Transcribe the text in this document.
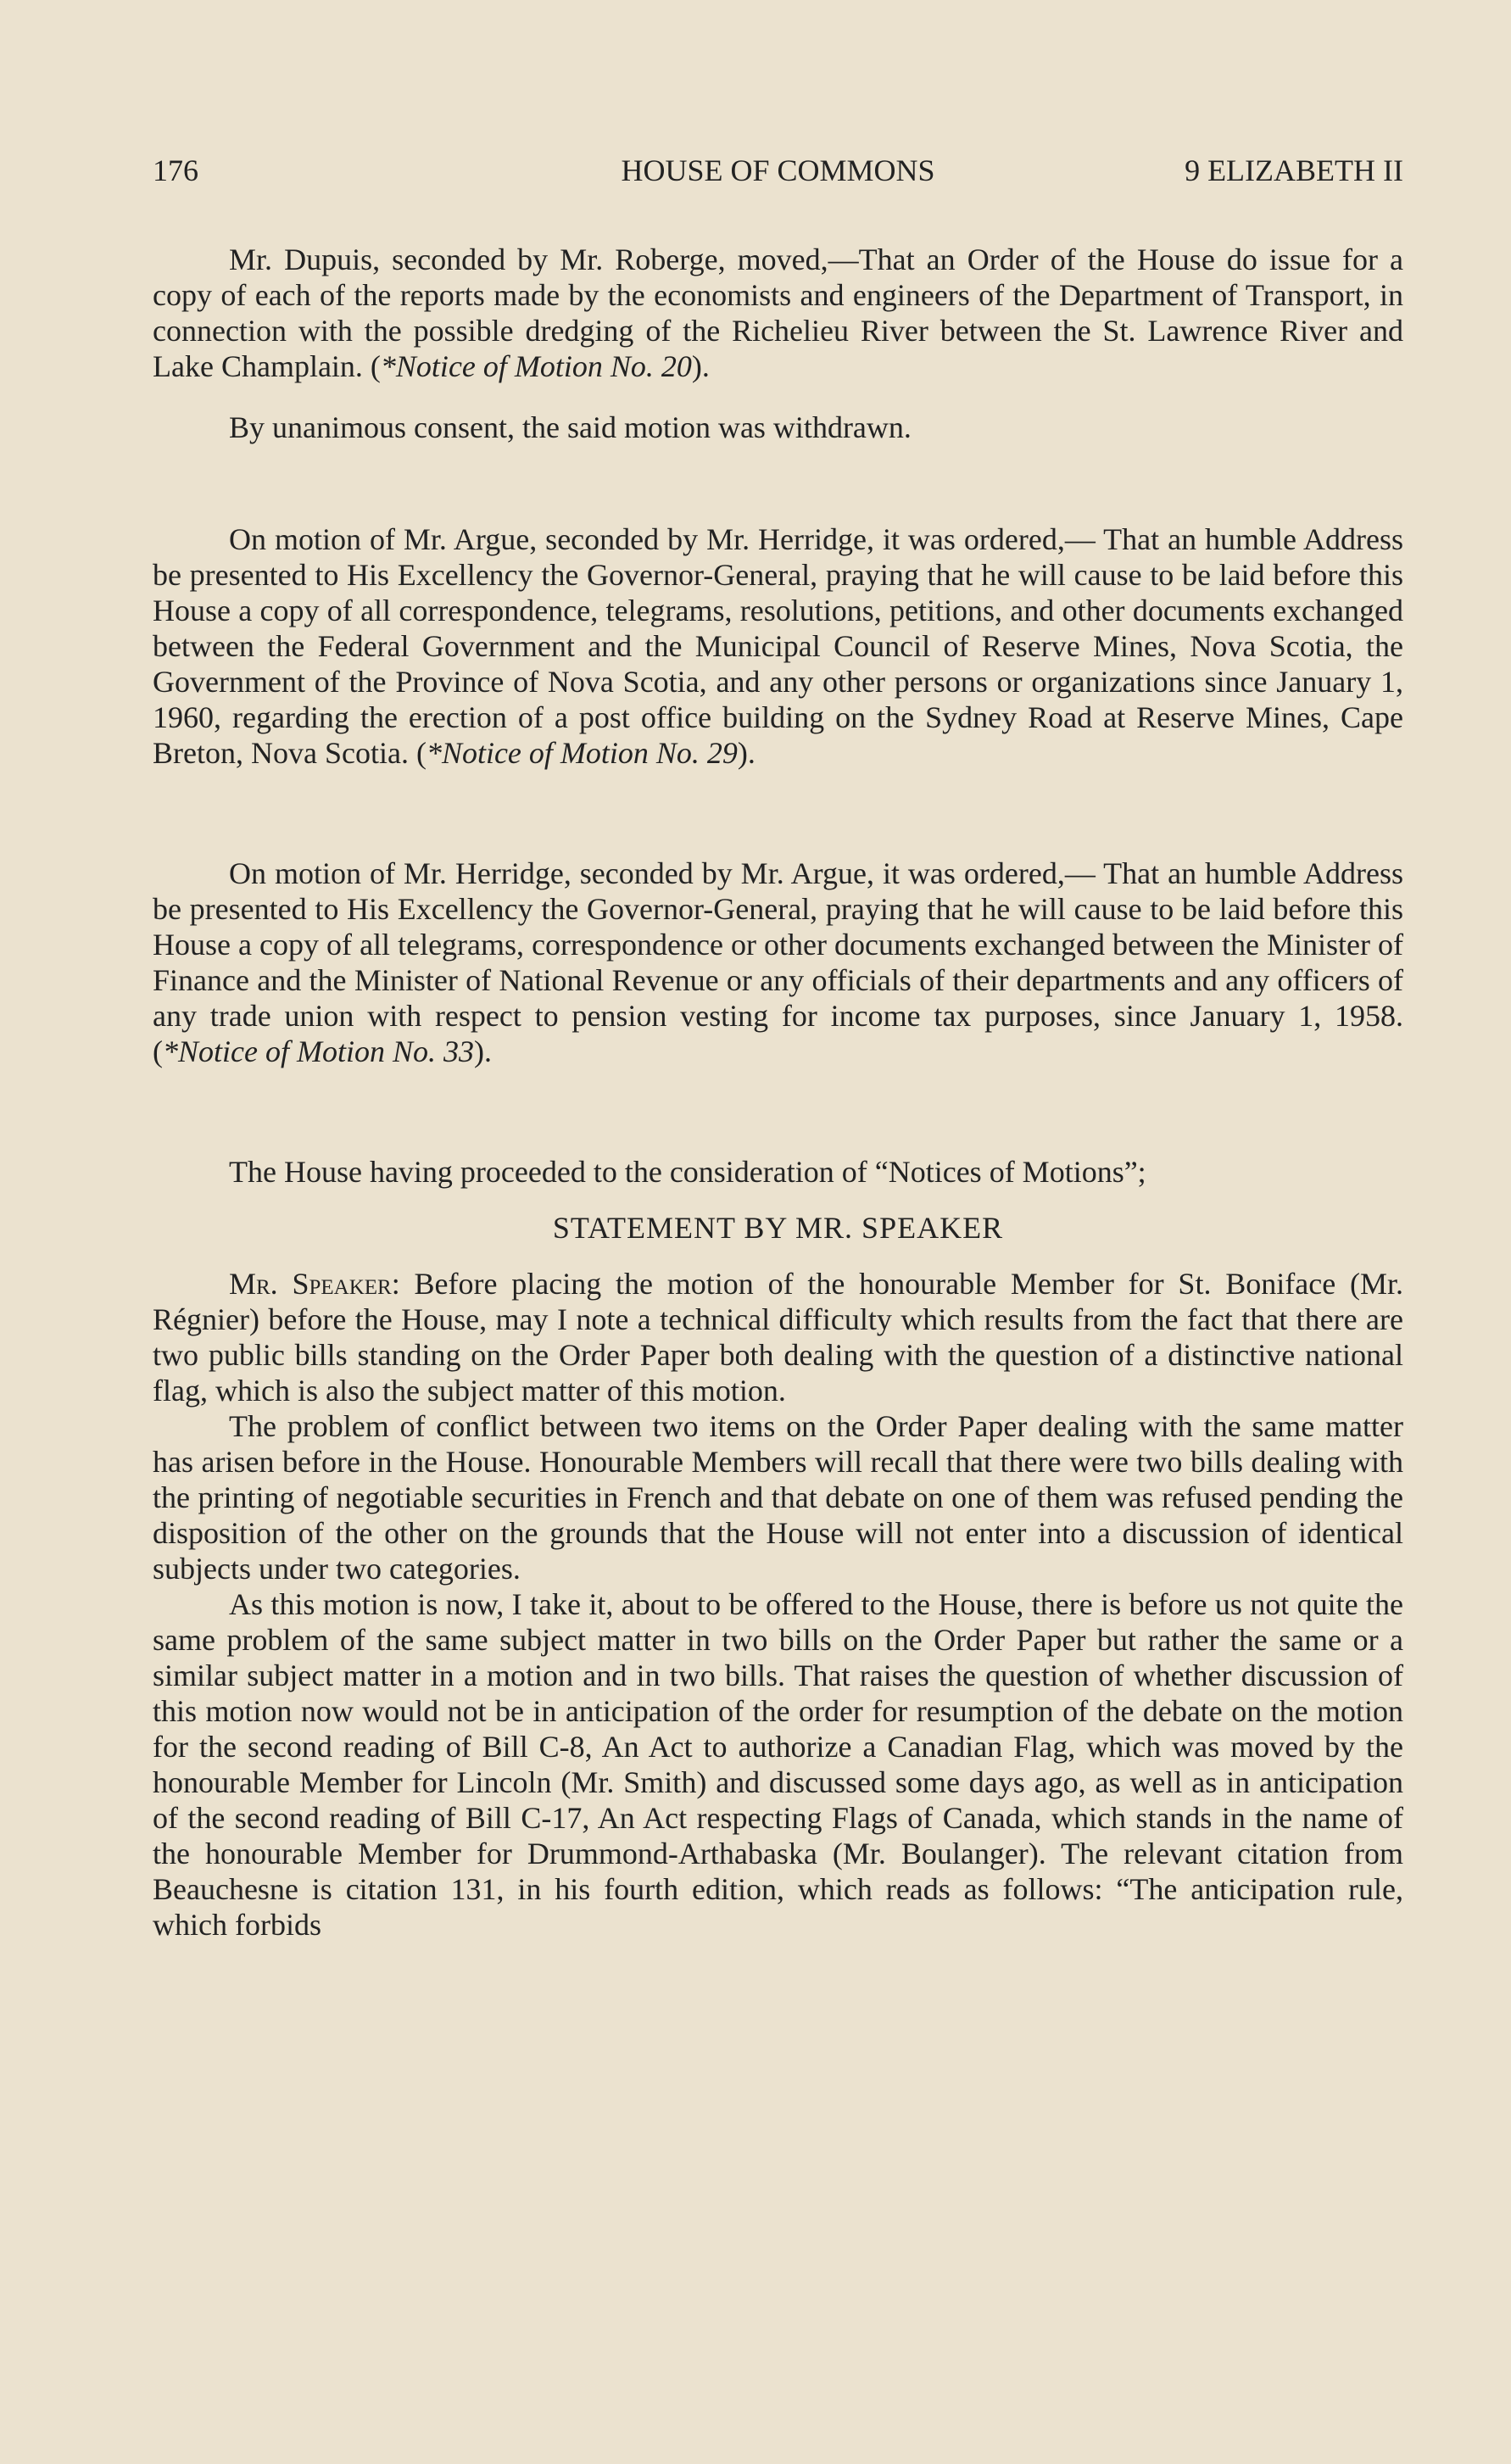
176	HOUSE OF COMMONS	9 ELIZABETH II

Mr. Dupuis, seconded by Mr. Roberge, moved,—That an Order of the House do issue for a copy of each of the reports made by the economists and engineers of the Department of Transport, in connection with the possible dredging of the Richelieu River between the St. Lawrence River and Lake Champlain. (*Notice of Motion No. 20).

By unanimous consent, the said motion was withdrawn.

On motion of Mr. Argue, seconded by Mr. Herridge, it was ordered,— That an humble Address be presented to His Excellency the Governor-General, praying that he will cause to be laid before this House a copy of all correspondence, telegrams, resolutions, petitions, and other documents exchanged between the Federal Government and the Municipal Council of Reserve Mines, Nova Scotia, the Government of the Province of Nova Scotia, and any other persons or organizations since January 1, 1960, regarding the erection of a post office building on the Sydney Road at Reserve Mines, Cape Breton, Nova Scotia. (*Notice of Motion No. 29).

On motion of Mr. Herridge, seconded by Mr. Argue, it was ordered,— That an humble Address be presented to His Excellency the Governor-General, praying that he will cause to be laid before this House a copy of all telegrams, correspondence or other documents exchanged between the Minister of Finance and the Minister of National Revenue or any officials of their departments and any officers of any trade union with respect to pension vesting for income tax purposes, since January 1, 1958. (*Notice of Motion No. 33).

The House having proceeded to the consideration of “Notices of Motions”;

STATEMENT BY MR. SPEAKER

Mr. Speaker: Before placing the motion of the honourable Member for St. Boniface (Mr. Régnier) before the House, may I note a technical difficulty which results from the fact that there are two public bills standing on the Order Paper both dealing with the question of a distinctive national flag, which is also the subject matter of this motion.

The problem of conflict between two items on the Order Paper dealing with the same matter has arisen before in the House. Honourable Members will recall that there were two bills dealing with the printing of negotiable securities in French and that debate on one of them was refused pending the disposition of the other on the grounds that the House will not enter into a discussion of identical subjects under two categories.

As this motion is now, I take it, about to be offered to the House, there is before us not quite the same problem of the same subject matter in two bills on the Order Paper but rather the same or a similar subject matter in a motion and in two bills. That raises the question of whether discussion of this motion now would not be in anticipation of the order for resumption of the debate on the motion for the second reading of Bill C-8, An Act to authorize a Canadian Flag, which was moved by the honourable Member for Lincoln (Mr. Smith) and discussed some days ago, as well as in anticipation of the second reading of Bill C-17, An Act respecting Flags of Canada, which stands in the name of the honourable Member for Drummond-Arthabaska (Mr. Boulanger). The relevant citation from Beauchesne is citation 131, in his fourth edition, which reads as follows: “The anticipation rule, which forbids
